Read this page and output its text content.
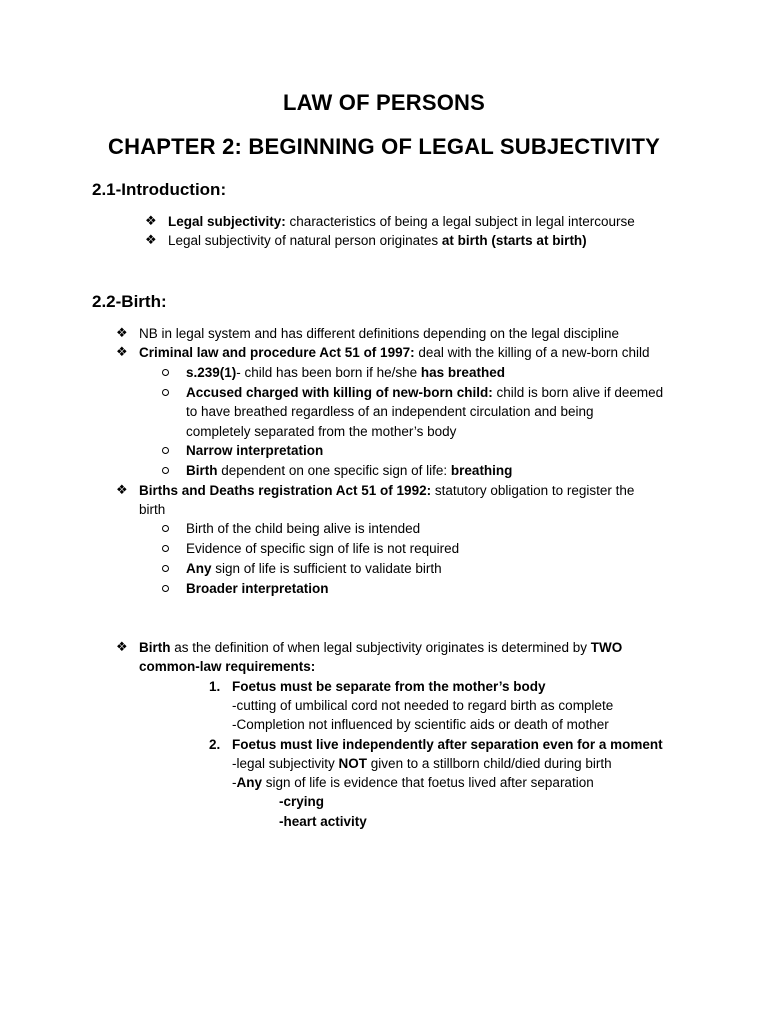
LAW OF PERSONS
CHAPTER 2: BEGINNING OF LEGAL SUBJECTIVITY
2.1-Introduction:
❖ Legal subjectivity: characteristics of being a legal subject in legal intercourse
❖ Legal subjectivity of natural person originates at birth (starts at birth)
2.2-Birth:
❖ NB in legal system and has different definitions depending on the legal discipline
❖ Criminal law and procedure Act 51 of 1997: deal with the killing of a new-born child
s.239(1)- child has been born if he/she has breathed
Accused charged with killing of new-born child: child is born alive if deemed
to have breathed regardless of an independent circulation and being
completely separated from the mother’s body
Narrow interpretation
Birth dependent on one specific sign of life: breathing
❖ Births and Deaths registration Act 51 of 1992: statutory obligation to register the
birth
Birth of the child being alive is intended
Evidence of specific sign of life is not required
Any sign of life is sufficient to validate birth
Broader interpretation
❖ Birth as the definition of when legal subjectivity originates is determined by TWO
common-law requirements:
1. Foetus must be separate from the mother’s body
-cutting of umbilical cord not needed to regard birth as complete
-Completion not influenced by scientific aids or death of mother
2. Foetus must live independently after separation even for a moment
-legal subjectivity NOT given to a stillborn child/died during birth
-Any sign of life is evidence that foetus lived after separation
-crying
-heart activity
